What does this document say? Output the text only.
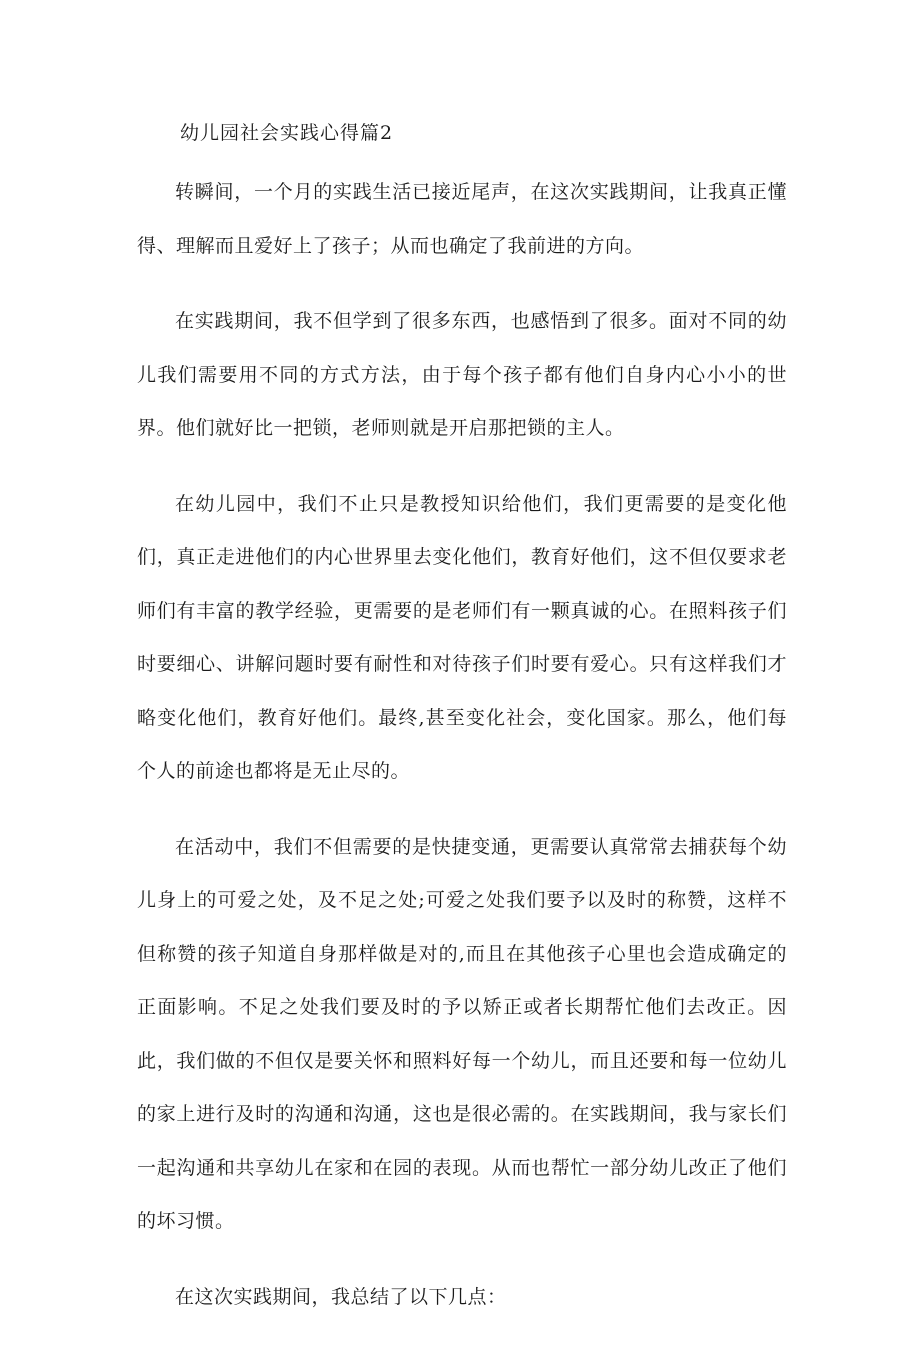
幼儿园社会实践心得篇2

转瞬间，一个月的实践生活已接近尾声，在这次实践期间，让我真正懂得、理解而且爱好上了孩子；从而也确定了我前进的方向。

在实践期间，我不但学到了很多东西，也感悟到了很多。面对不同的幼儿我们需要用不同的方式方法，由于每个孩子都有他们自身内心小小的世界。他们就好比一把锁，老师则就是开启那把锁的主人。

在幼儿园中，我们不止只是教授知识给他们，我们更需要的是变化他们，真正走进他们的内心世界里去变化他们，教育好他们，这不但仅要求老师们有丰富的教学经验，更需要的是老师们有一颗真诚的心。在照料孩子们时要细心、讲解问题时要有耐性和对待孩子们时要有爱心。只有这样我们才略变化他们，教育好他们。最终,甚至变化社会，变化国家。那么，他们每个人的前途也都将是无止尽的。

在活动中，我们不但需要的是快捷变通，更需要认真常常去捕获每个幼儿身上的可爱之处，及不足之处;可爱之处我们要予以及时的称赞，这样不但称赞的孩子知道自身那样做是对的,而且在其他孩子心里也会造成确定的正面影响。不足之处我们要及时的予以矫正或者长期帮忙他们去改正。因此，我们做的不但仅是要关怀和照料好每一个幼儿，而且还要和每一位幼儿的家上进行及时的沟通和沟通，这也是很必需的。在实践期间，我与家长们一起沟通和共享幼儿在家和在园的表现。从而也帮忙一部分幼儿改正了他们的坏习惯。

在这次实践期间，我总结了以下几点：
